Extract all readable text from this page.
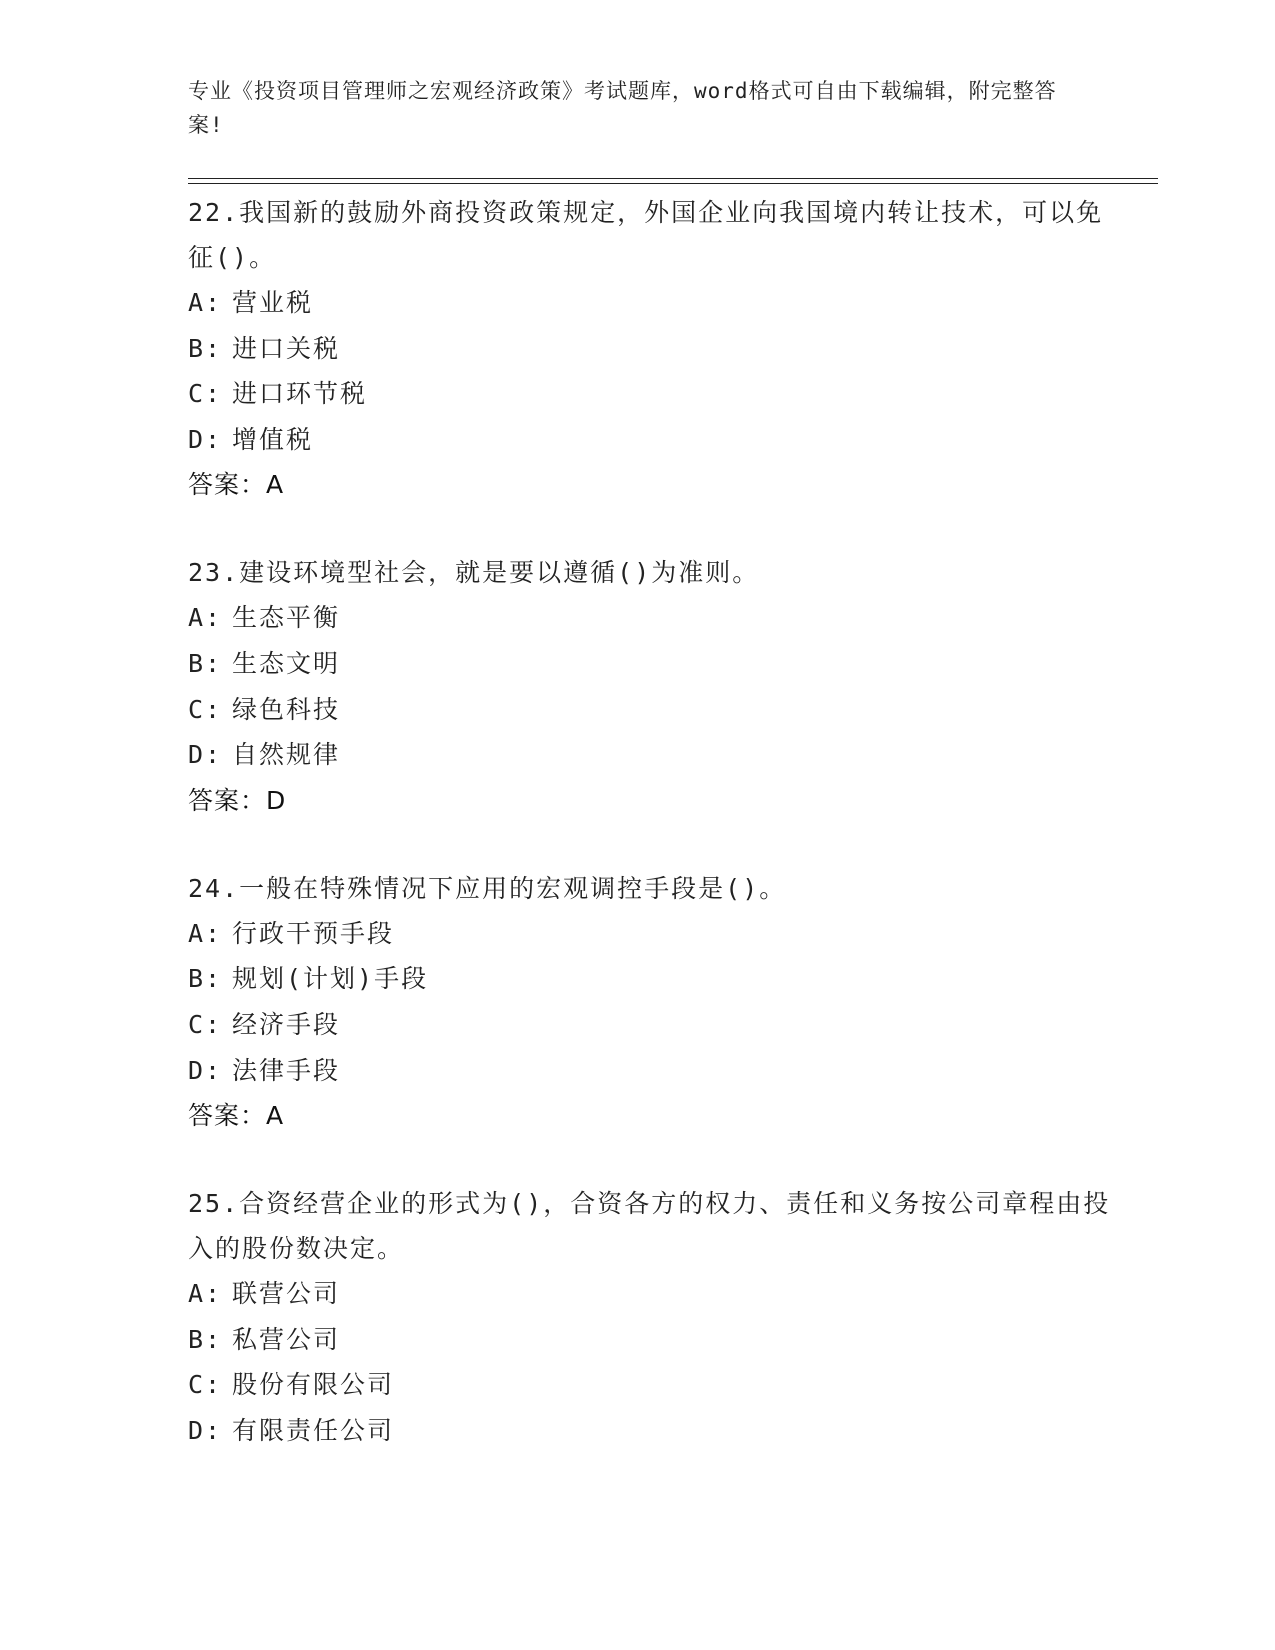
专业《投资项目管理师之宏观经济政策》考试题库，word格式可自由下载编辑，附完整答案!

22.我国新的鼓励外商投资政策规定，外国企业向我国境内转让技术，可以免征()。

A: 营业税

B: 进口关税

C: 进口环节税

D: 增值税

答案：A

23.建设环境型社会，就是要以遵循()为准则。

A: 生态平衡

B: 生态文明

C: 绿色科技

D: 自然规律

答案：D

24.一般在特殊情况下应用的宏观调控手段是()。

A: 行政干预手段

B: 规划(计划)手段

C: 经济手段

D: 法律手段

答案：A

25.合资经营企业的形式为()，合资各方的权力、责任和义务按公司章程由投入的股份数决定。

A: 联营公司

B: 私营公司

C: 股份有限公司

D: 有限责任公司
